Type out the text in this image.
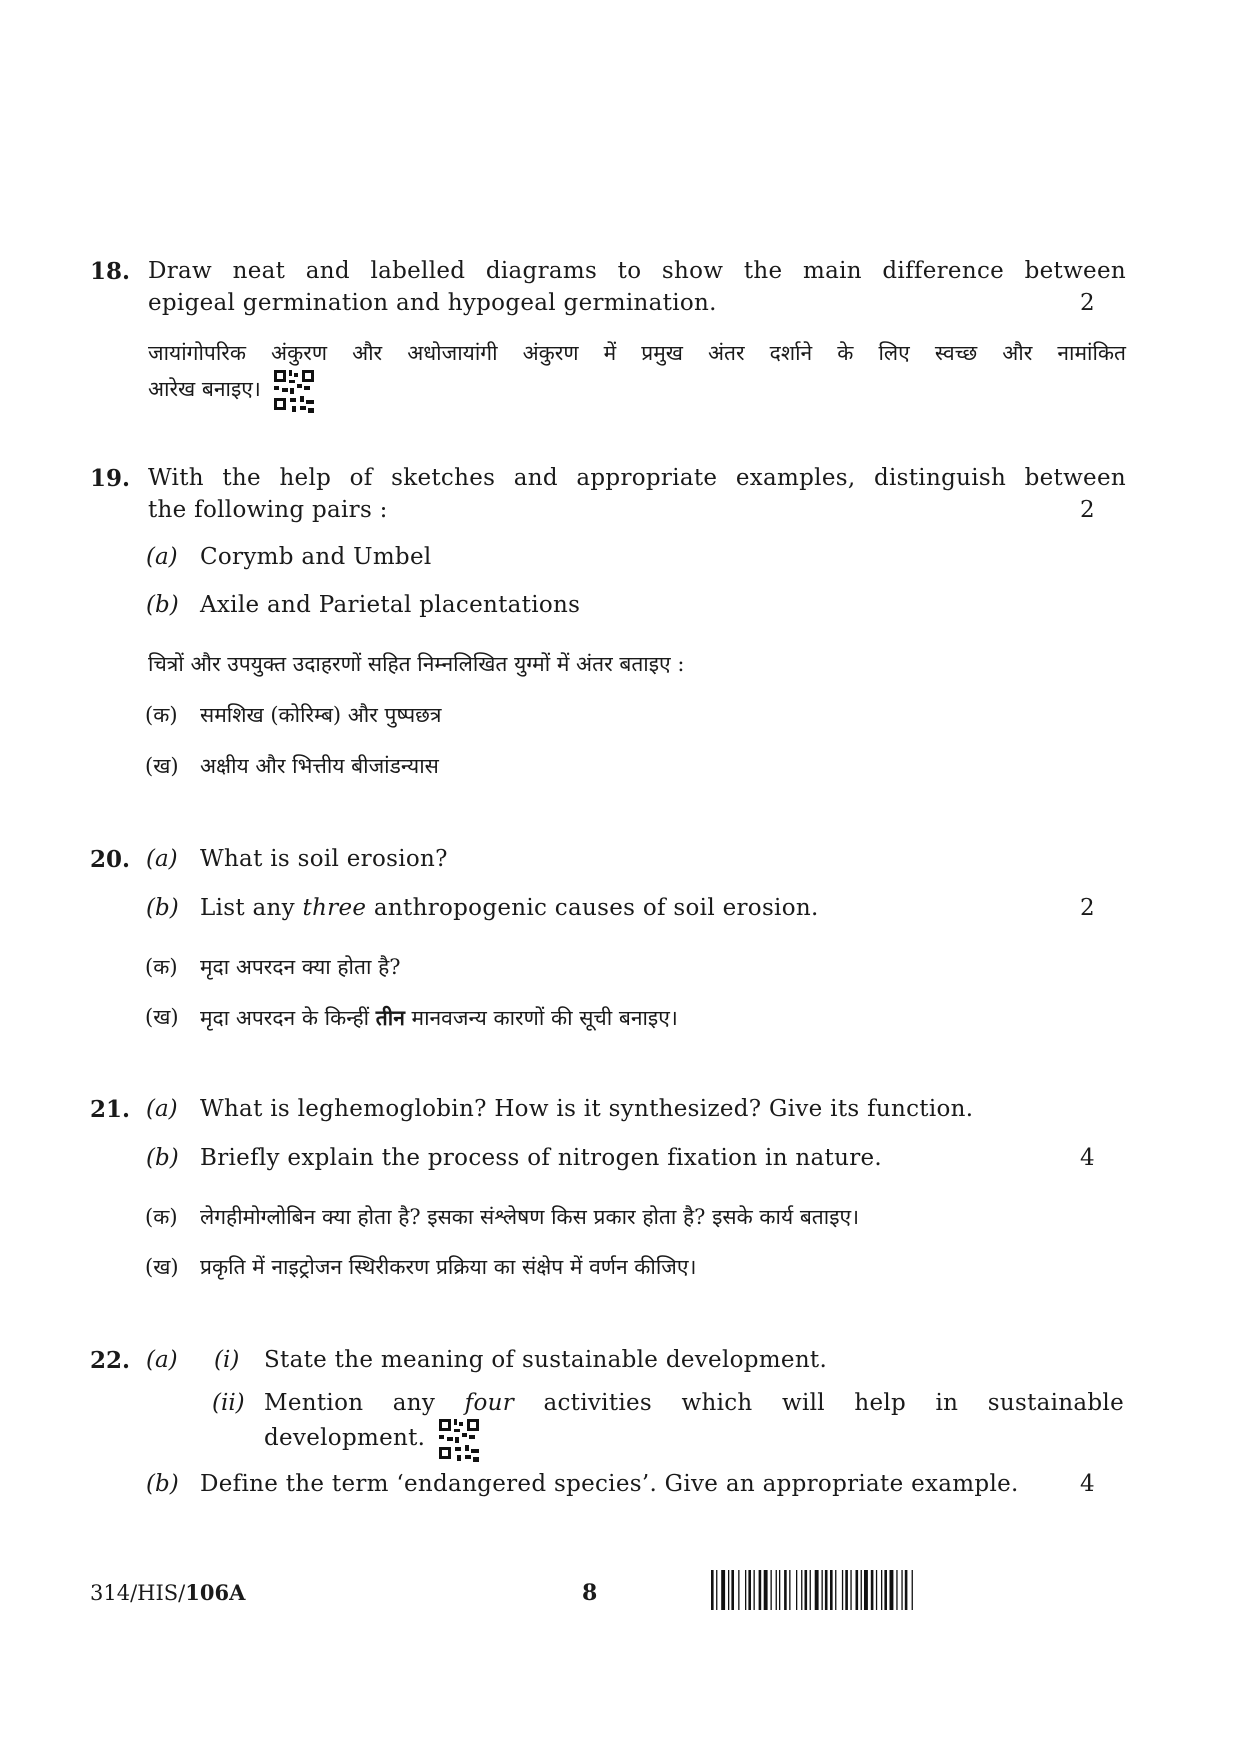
18. Draw neat and labelled diagrams to show the main difference between
epigeal germination and hypogeal germination.	2
जायांगोपरिक अंकुरण और अधोजायांगी अंकुरण में प्रमुख अंतर दर्शाने के लिए स्वच्छ और नामांकित
आरेख बनाइए।
19. With the help of sketches and appropriate examples, distinguish between
the following pairs :	2
(a) Corymb and Umbel
(b) Axile and Parietal placentations
चित्रों और उपयुक्त उदाहरणों सहित निम्नलिखित युग्मों में अंतर बताइए :
(क) समशिख (कोरिम्ब) और पुष्पछत्र
(ख) अक्षीय और भित्तीय बीजांडन्यास
20. (a) What is soil erosion?
(b) List any three anthropogenic causes of soil erosion.	2
(क) मृदा अपरदन क्या होता है?
(ख) मृदा अपरदन के किन्हीं तीन मानवजन्य कारणों की सूची बनाइए।
21. (a) What is leghemoglobin? How is it synthesized? Give its function.
(b) Briefly explain the process of nitrogen fixation in nature.	4
(क) लेगहीमोग्लोबिन क्या होता है? इसका संश्लेषण किस प्रकार होता है? इसके कार्य बताइए।
(ख) प्रकृति में नाइट्रोजन स्थिरीकरण प्रक्रिया का संक्षेप में वर्णन कीजिए।
22. (a) (i) State the meaning of sustainable development.
(ii) Mention any four activities which will help in sustainable
development.
(b) Define the term ‘endangered species’. Give an appropriate example.	4
314/HIS/106A	8
